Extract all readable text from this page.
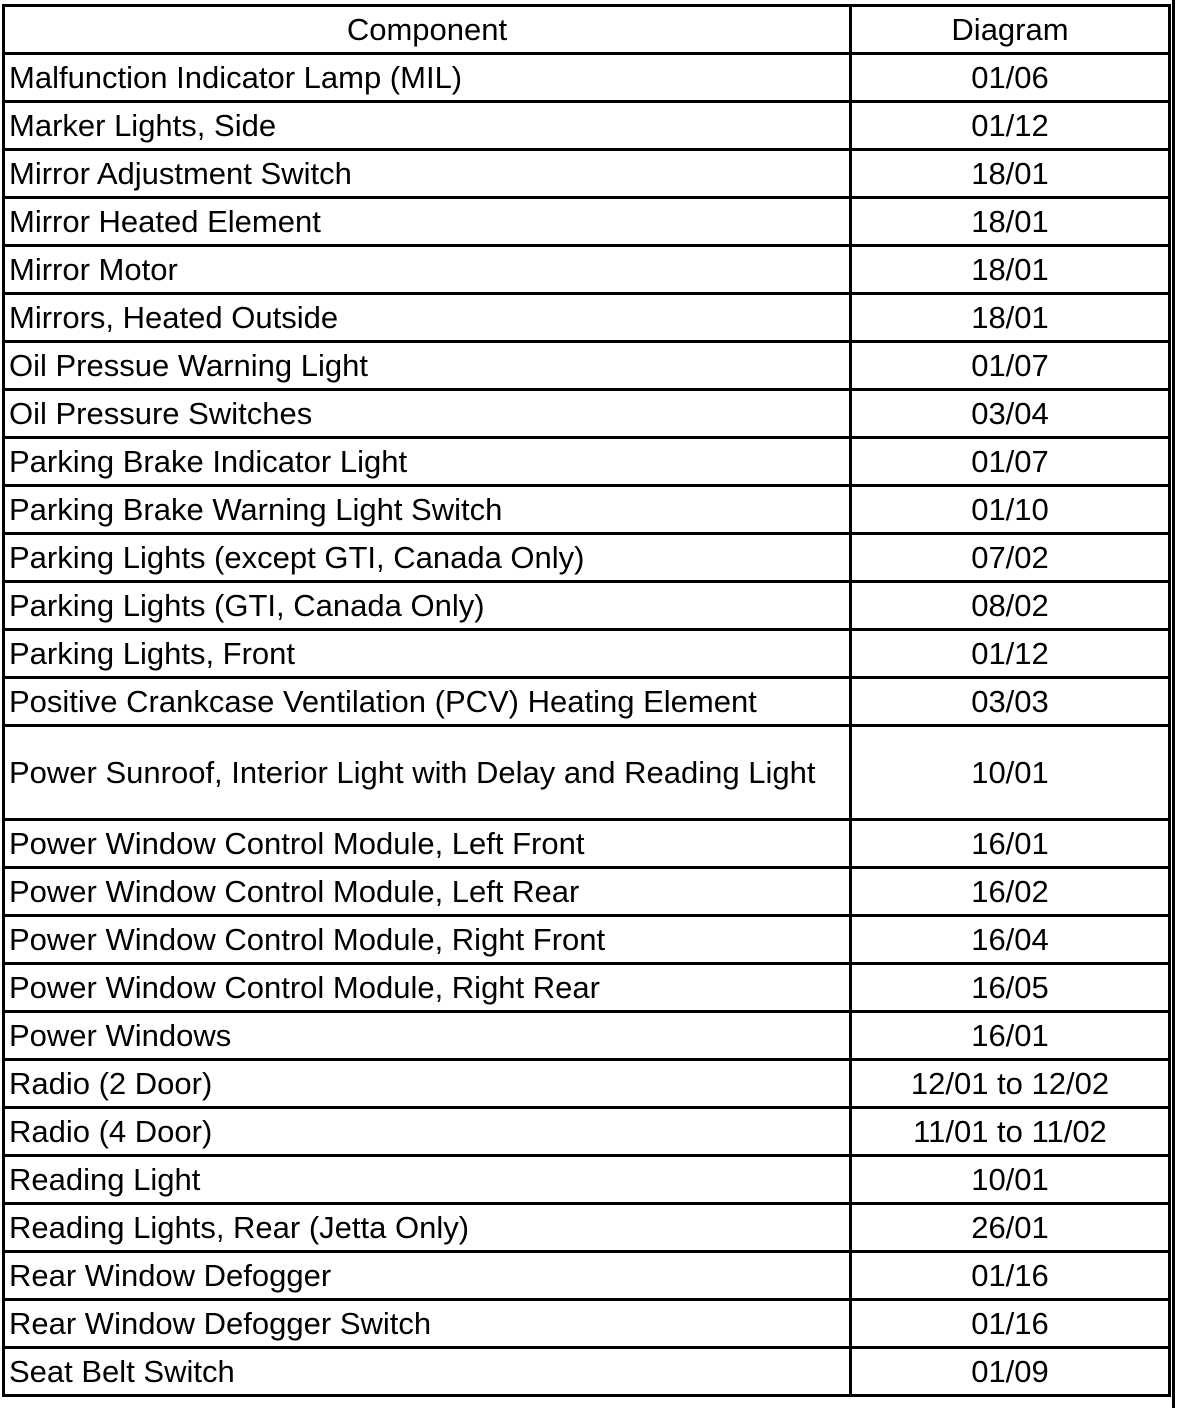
Component	Diagram
Malfunction Indicator Lamp (MIL)	01/06
Marker Lights, Side	01/12
Mirror Adjustment Switch	18/01
Mirror Heated Element	18/01
Mirror Motor	18/01
Mirrors, Heated Outside	18/01
Oil Pressue Warning Light	01/07
Oil Pressure Switches	03/04
Parking Brake Indicator Light	01/07
Parking Brake Warning Light Switch	01/10
Parking Lights (except GTI, Canada Only)	07/02
Parking Lights (GTI, Canada Only)	08/02
Parking Lights, Front	01/12
Positive Crankcase Ventilation (PCV) Heating Element	03/03
Power Sunroof, Interior Light with Delay and Reading Light	10/01
Power Window Control Module, Left Front	16/01
Power Window Control Module, Left Rear	16/02
Power Window Control Module, Right Front	16/04
Power Window Control Module, Right Rear	16/05
Power Windows	16/01
Radio (2 Door)	12/01 to 12/02
Radio (4 Door)	11/01 to 11/02
Reading Light	10/01
Reading Lights, Rear (Jetta Only)	26/01
Rear Window Defogger	01/16
Rear Window Defogger Switch	01/16
Seat Belt Switch	01/09
